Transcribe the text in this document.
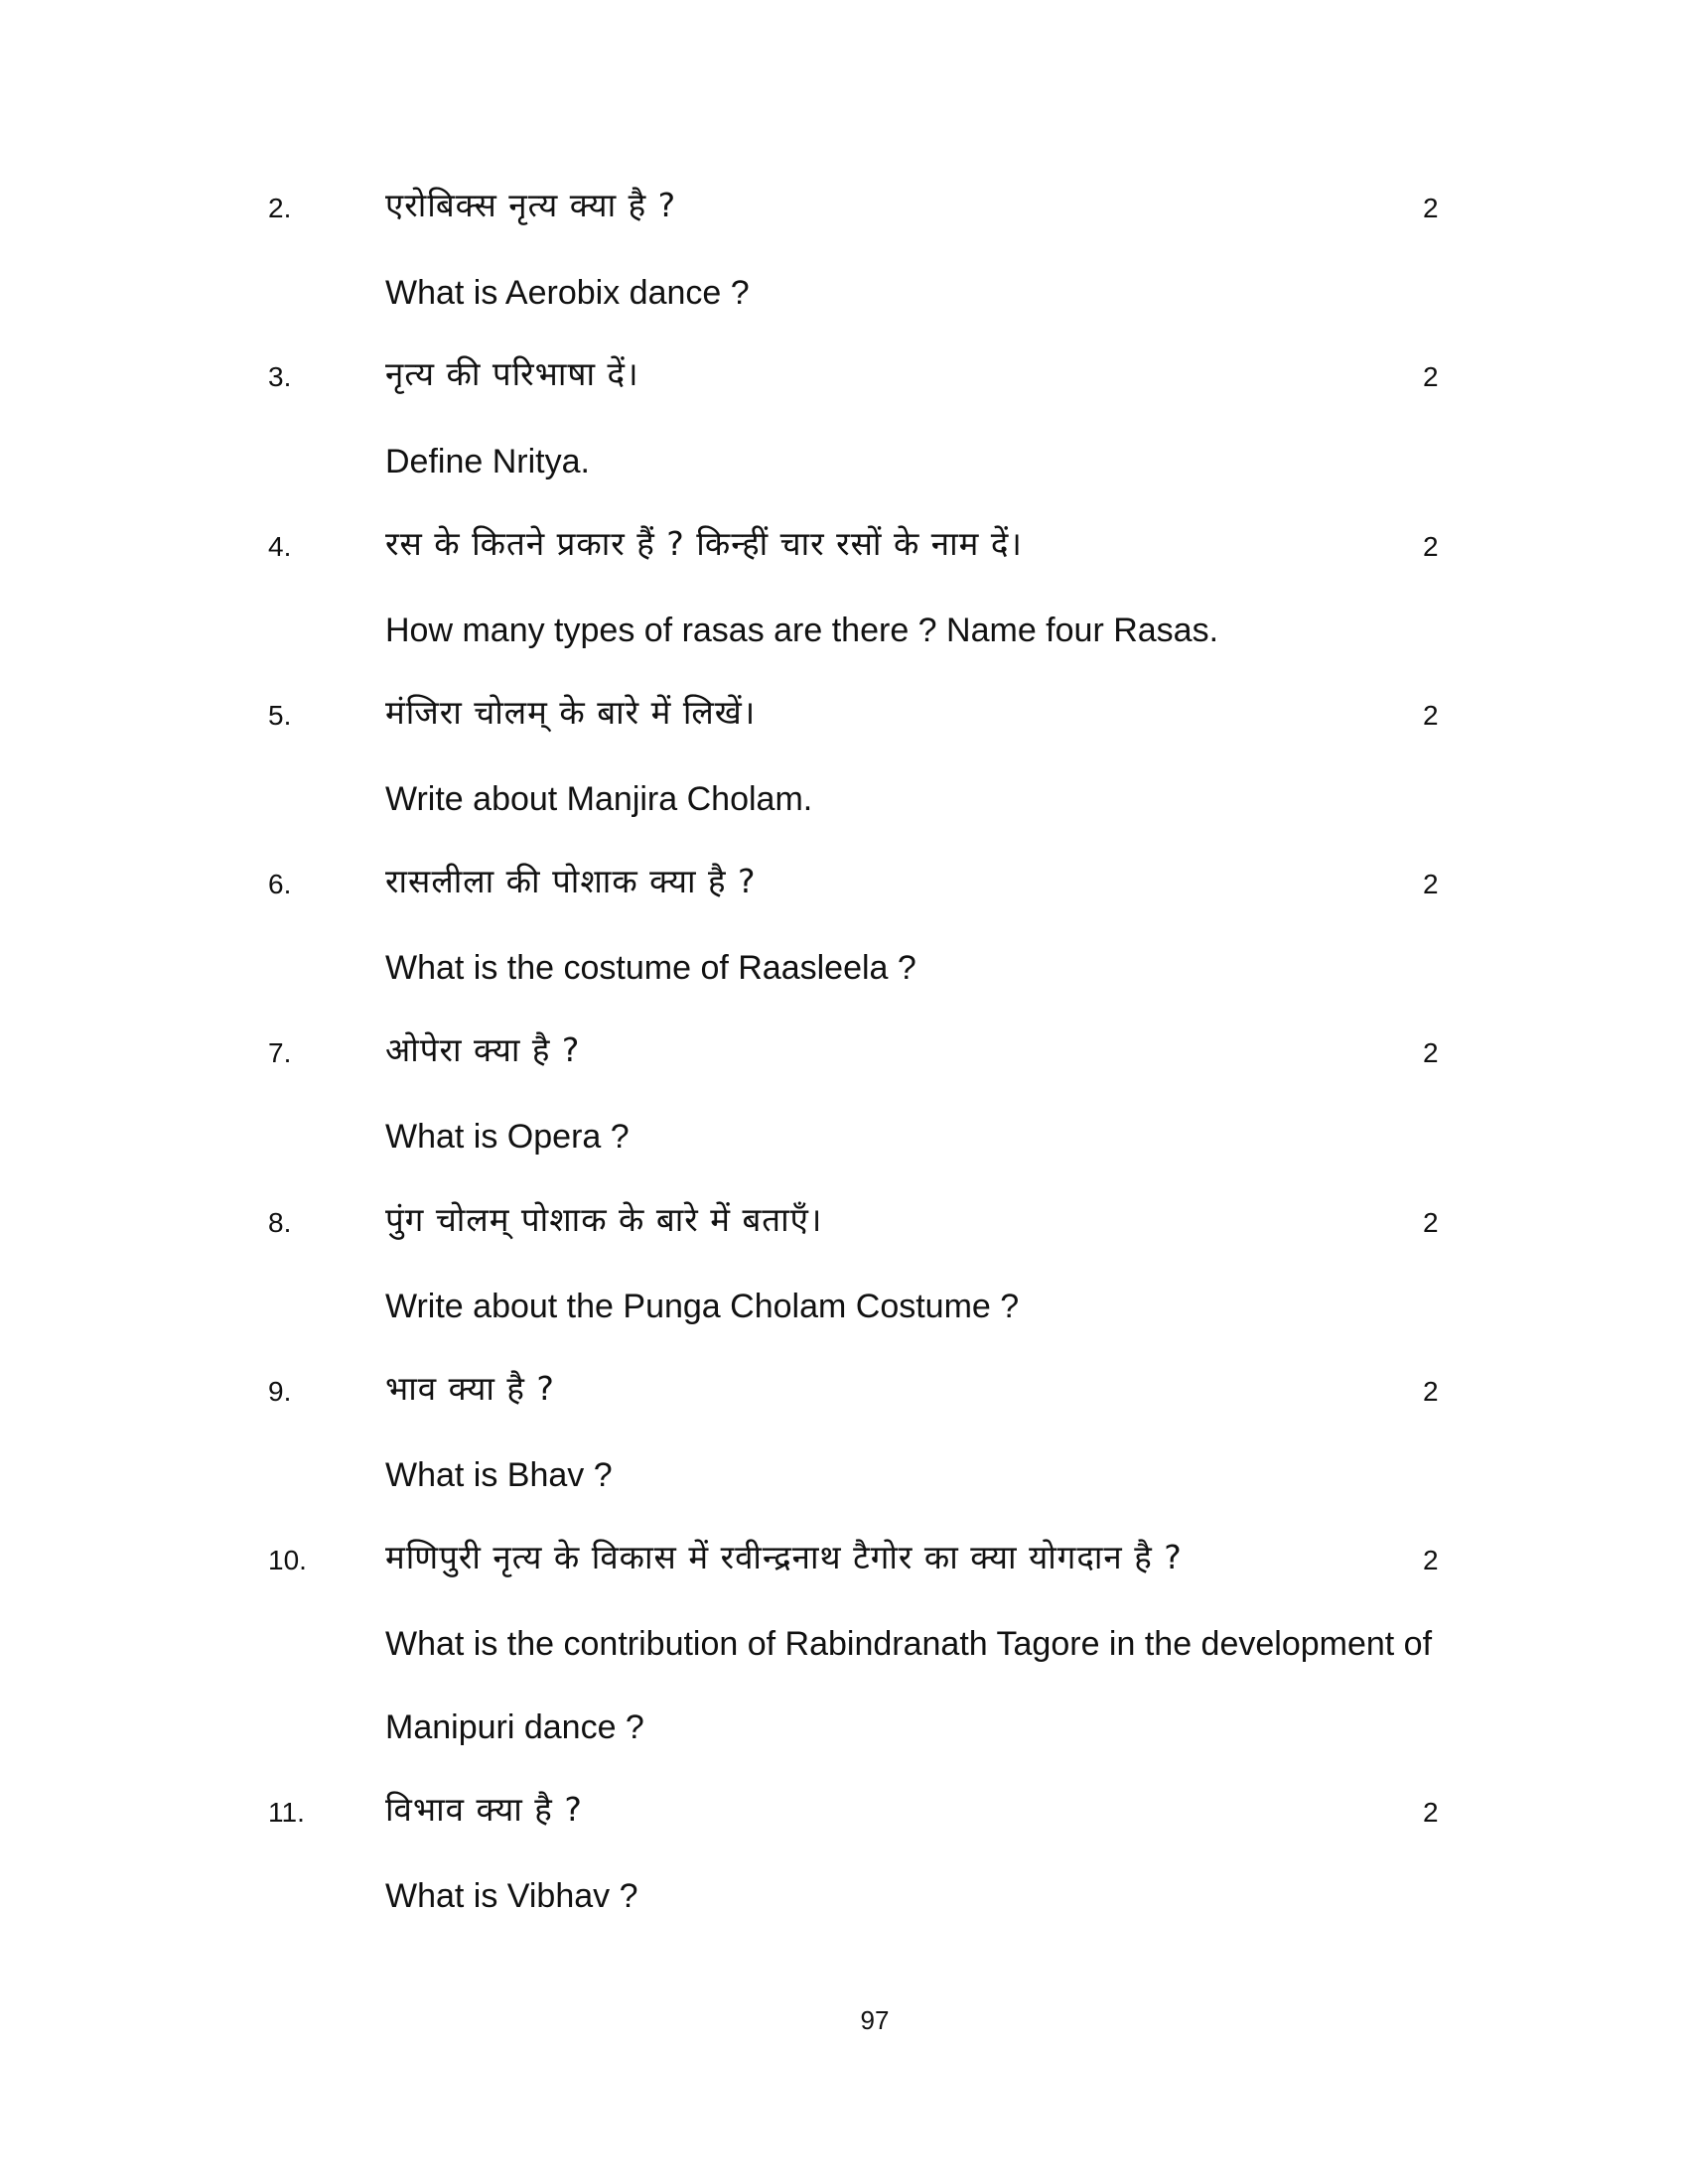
2.	एरोबिक्स नृत्य क्या है ?	2
What is Aerobix dance ?
3.	नृत्य की परिभाषा दें।	2
Define Nritya.
4.	रस के कितने प्रकार हैं ? किन्हीं चार रसों के नाम दें।	2
How many types of rasas are there ? Name four Rasas.
5.	मंजिरा चोलम् के बारे में लिखें।	2
Write about Manjira Cholam.
6.	रासलीला की पोशाक क्या है ?	2
What is the costume of Raasleela ?
7.	ओपेरा क्या है ?	2
What is Opera ?
8.	पुंग चोलम् पोशाक के बारे में बताएँ।	2
Write about the Punga Cholam Costume ?
9.	भाव क्या है ?	2
What is Bhav ?
10. मणिपुरी नृत्य के विकास में रवीन्द्रनाथ टैगोर का क्या योगदान है ?	2
What is the contribution of Rabindranath Tagore in the development of
Manipuri dance ?
11. विभाव क्या है ?	2
What is Vibhav ?
97
